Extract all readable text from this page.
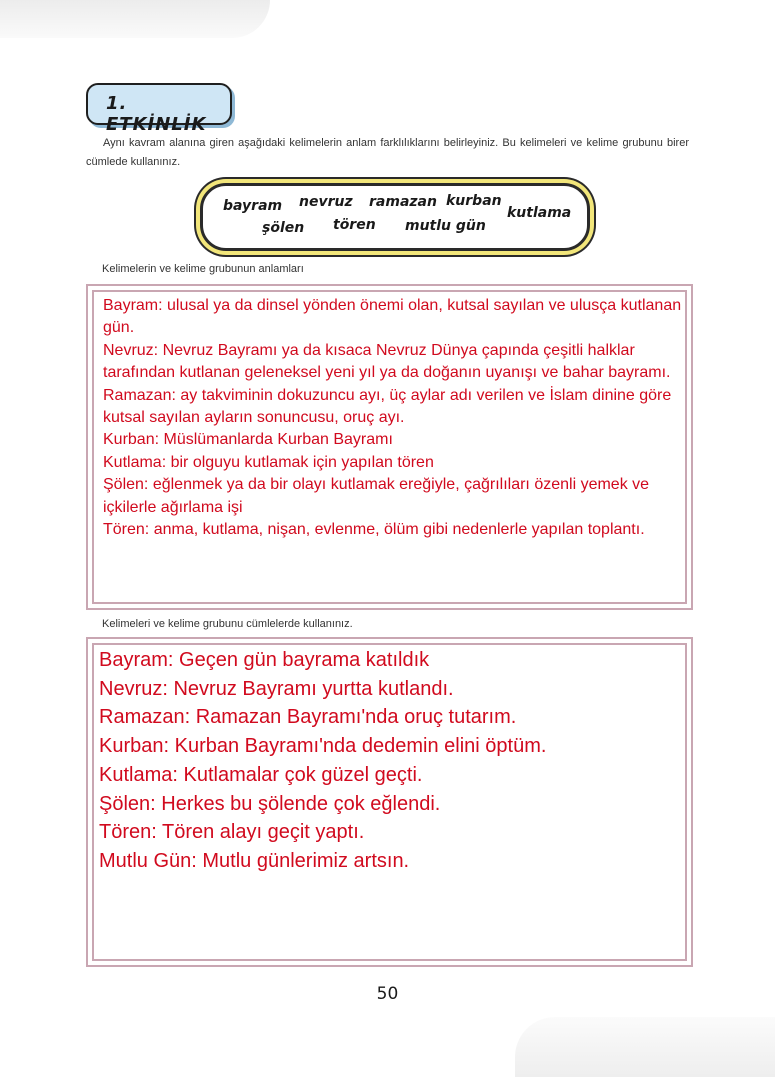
1. ETKİNLİK
Aynı kavram alanına giren aşağıdaki kelimelerin anlam farklılıklarını belirleyiniz. Bu kelimeleri ve kelime grubunu birer cümlede kullanınız.
bayram nevruz ramazan kurban
kutlama
şölen tören mutlu gün
Kelimelerin ve kelime grubunun anlamları

Bayram: ulusal ya da dinsel yönden önemi olan, kutsal sayılan ve ulusça kutlanan gün.

Nevruz: Nevruz Bayramı ya da kısaca Nevruz Dünya çapında çeşitli halklar tarafından kutlanan geleneksel yeni yıl ya da doğanın uyanışı ve bahar bayramı.

Ramazan: ay takviminin dokuzuncu ayı, üç aylar adı verilen ve İslam dinine göre kutsal sayılan ayların sonuncusu, oruç ayı.

Kurban: Müslümanlarda Kurban Bayramı

Kutlama: bir olguyu kutlamak için yapılan tören

Şölen: eğlenmek ya da bir olayı kutlamak ereğiyle, çağrılıları özenli yemek ve içkilerle ağırlama işi

Tören: anma, kutlama, nişan, evlenme, ölüm gibi nedenlerle yapılan toplantı.

Kelimeleri ve kelime grubunu cümlelerde kullanınız.

Bayram: Geçen gün bayrama katıldık

Nevruz: Nevruz Bayramı yurtta kutlandı.

Ramazan: Ramazan Bayramı'nda oruç tutarım.

Kurban: Kurban Bayramı'nda dedemin elini öptüm.

Kutlama: Kutlamalar çok güzel geçti.

Şölen: Herkes bu şölende çok eğlendi.

Tören: Tören alayı geçit yaptı.

Mutlu Gün: Mutlu günlerimiz artsın.

50
